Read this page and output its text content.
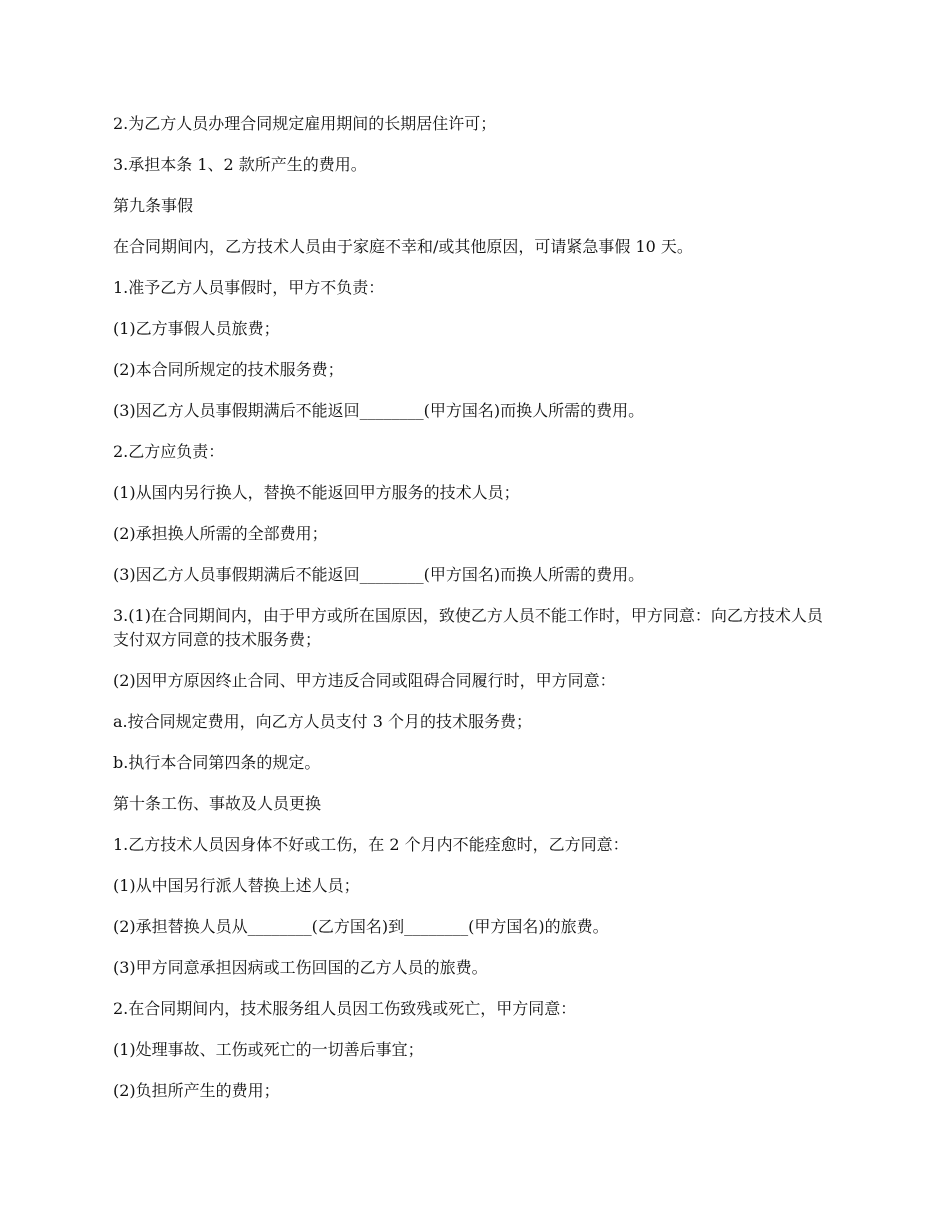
2.为乙方人员办理合同规定雇用期间的长期居住许可；

3.承担本条 1、2 款所产生的费用。

第九条事假

在合同期间内，乙方技术人员由于家庭不幸和/或其他原因，可请紧急事假 10 天。

1.准予乙方人员事假时，甲方不负责：

(1)乙方事假人员旅费；

(2)本合同所规定的技术服务费；

(3)因乙方人员事假期满后不能返回________(甲方国名)而换人所需的费用。

2.乙方应负责：

(1)从国内另行换人，替换不能返回甲方服务的技术人员；

(2)承担换人所需的全部费用；

(3)因乙方人员事假期满后不能返回________(甲方国名)而换人所需的费用。

3.(1)在合同期间内，由于甲方或所在国原因，致使乙方人员不能工作时，甲方同意：向乙方技术人员支付双方同意的技术服务费；

(2)因甲方原因终止合同、甲方违反合同或阻碍合同履行时，甲方同意：

a.按合同规定费用，向乙方人员支付 3 个月的技术服务费；

b.执行本合同第四条的规定。

第十条工伤、事故及人员更换

1.乙方技术人员因身体不好或工伤，在 2 个月内不能痊愈时，乙方同意：

(1)从中国另行派人替换上述人员；

(2)承担替换人员从________(乙方国名)到________(甲方国名)的旅费。

(3)甲方同意承担因病或工伤回国的乙方人员的旅费。

2.在合同期间内，技术服务组人员因工伤致残或死亡，甲方同意：

(1)处理事故、工伤或死亡的一切善后事宜；

(2)负担所产生的费用；
